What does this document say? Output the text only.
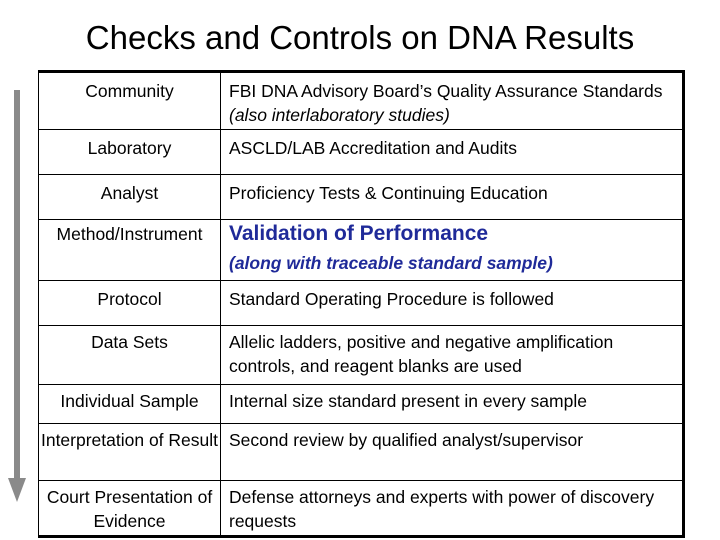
Checks and Controls on DNA Results
Community	FBI DNA Advisory Board’s Quality Assurance Standards
(also interlaboratory studies)
Laboratory	ASCLD/LAB Accreditation and Audits
Analyst	Proficiency Tests & Continuing Education
Method/Instrument	Validation of Performance
(along with traceable standard sample)
Protocol	Standard Operating Procedure is followed
Data Sets	Allelic ladders, positive and negative amplification controls, and reagent blanks are used
Individual Sample	Internal size standard present in every sample
Interpretation of Result	Second review by qualified analyst/supervisor
Court Presentation of Evidence	Defense attorneys and experts with power of discovery requests
